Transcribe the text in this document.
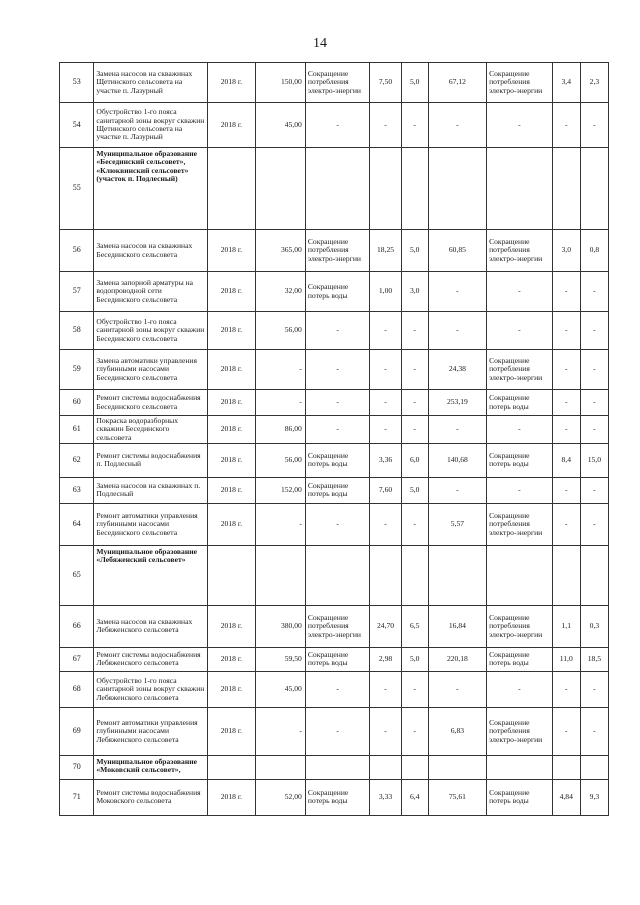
14
53	Замена насосов на скважинах Щетинского сельсовета на участке п. Лазурный	2018 г.	150,00	Сокращение потребления электро-энергии	7,50	5,0	67,12	Сокращение потребления электро-энергии	3,4	2,3
54	Обустройство 1-го пояса санитарной зоны вокруг скважин Щетинского сельсовета на участке п. Лазурный	2018 г.	45,00	-	-	-	-	-	-	-
55	Муниципальное образование «Бесединский сельсовет», «Клюквинский сельсовет» (участок п. Подлесный)									
56	Замена насосов на скважинах Бесединского сельсовета	2018 г.	365,00	Сокращение потребления электро-энергии	18,25	5,0	60,85	Сокращение потребления электро-энергии	3,0	0,8
57	Замена запорной арматуры на водопроводной сети Бесединского сельсовета	2018 г.	32,00	Сокращение потерь воды	1,00	3,0	-	-	-	-
58	Обустройство 1-го пояса санитарной зоны вокруг скважин Бесединского сельсовета	2018 г.	56,00	-	-	-	-	-	-	-
59	Замена автоматики управления глубинными насосами Бесединского сельсовета	2018 г.	-	-	-	-	24,38	Сокращение потребления электро-энергии	-	-
60	Ремонт системы водоснабжения Бесединского сельсовета	2018 г.	-	-	-	-	253,19	Сокращение потерь воды	-	-
61	Покраска водоразборных скважин Бесединского сельсовета	2018 г.	86,00	-	-	-	-	-	-	-
62	Ремонт системы водоснабжения п. Подлесный	2018 г.	56,00	Сокращение потерь воды	3,36	6,0	140,68	Сокращение потерь воды	8,4	15,0
63	Замена насосов на скважинах п. Подлесный	2018 г.	152,00	Сокращение потерь воды	7,60	5,0	-	-	-	-
64	Ремонт автоматики управления глубинными насосами Бесединского сельсовета	2018 г.	-	-	-	-	5,57	Сокращение потребления электро-энергии	-	-
65	Муниципальное образование «Лебяженский сельсовет»									
66	Замена насосов на скважинах Лебяженского сельсовета	2018 г.	380,00	Сокращение потребления электро-энергии	24,70	6,5	16,84	Сокращение потребления электро-энергии	1,1	0,3
67	Ремонт системы водоснабжения Лебяженского сельсовета	2018 г.	59,50	Сокращение потерь воды	2,98	5,0	220,18	Сокращение потерь воды	11,0	18,5
68	Обустройство 1-го пояса санитарной зоны вокруг скважин Лебяженского сельсовета	2018 г.	45,00	-	-	-	-	-	-	-
69	Ремонт автоматики управления глубинными насосами Лебяженского сельсовета	2018 г.	-	-	-	-	6,83	Сокращение потребления электро-энергии	-	-
70	Муниципальное образование «Моковский сельсовет»,									
71	Ремонт системы водоснабжения Моковского сельсовета	2018 г.	52,00	Сокращение потерь воды	3,33	6,4	75,61	Сокращение потерь воды	4,84	9,3
